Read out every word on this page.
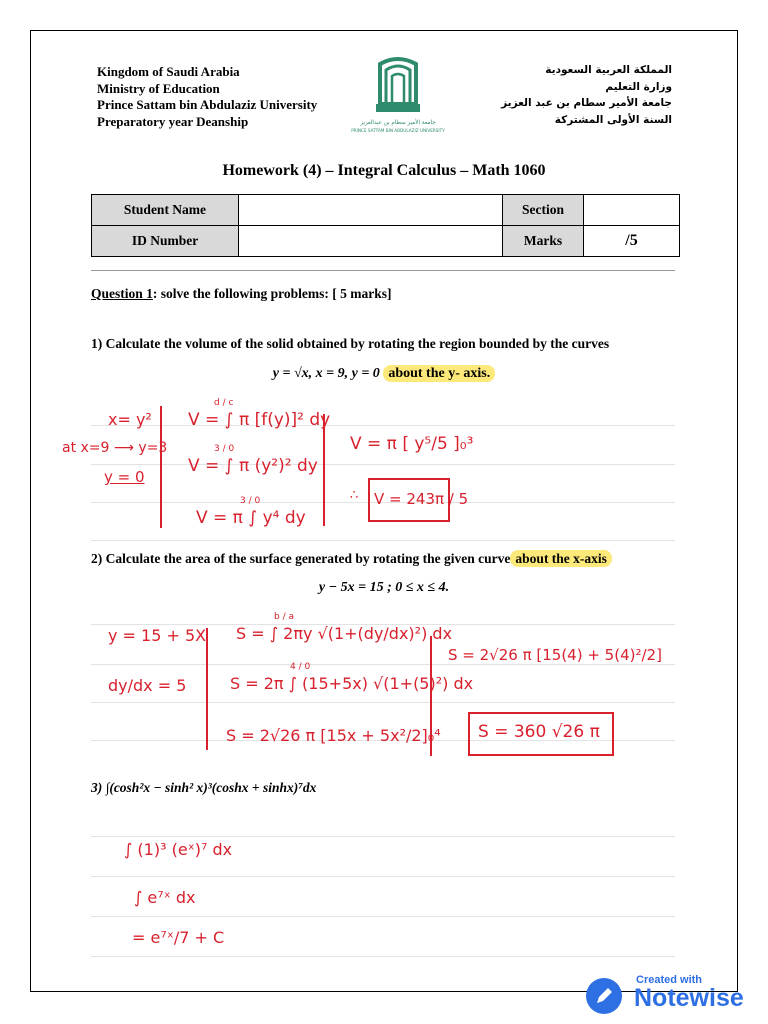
Kingdom of Saudi Arabia
Ministry of Education
Prince Sattam bin Abdulaziz University
Preparatory year Deanship	جامعة الأمير سطام بن عبدالعزيز
PRINCE SATTAM BIN ABDULAZIZ UNIVERSITY
المملكة العربية السعودية
وزارة التعليم
جامعة الأمير سطام بن عبد العزيز
السنة الأولى المشتركة
Homework (4) – Integral Calculus – Math 1060
Student Name		Section	
ID Number		Marks	/5
Question 1: solve the following problems: [ 5 marks]
1) Calculate the volume of the solid obtained by rotating the region bounded by the curves
y = √x, x = 9, y = 0 about the y- axis.
x= y²
at x=9 ⟶ y=3
y = 0
V = ∫ π [f(y)]² dy
d / c
V = ∫ π (y²)² dy
3 / 0
V = π ∫ y⁴ dy
3 / 0
V = π [ y⁵/5 ]₀³
∴ V = 243π / 5
2) Calculate the area of the surface generated by rotating the given curve about the x-axis
y − 5x = 15 ; 0 ≤ x ≤ 4.
y = 15 + 5X
dy/dx = 5
S = ∫ 2πy √(1+(dy/dx)²) dx
b / a
S = 2π ∫ (15+5x) √(1+(5)²) dx
4 / 0
S = 2√26 π [15x + 5x²/2]₀⁴
S = 2√26 π [15(4) + 5(4)²/2]
S = 360 √26 π
3) ∫(cosh²x − sinh² x)³(coshx + sinhx)⁷dx
∫ (1)³ (eˣ)⁷ dx
∫ e⁷ˣ dx
= e⁷ˣ/7 + C
Created with
Notewise
